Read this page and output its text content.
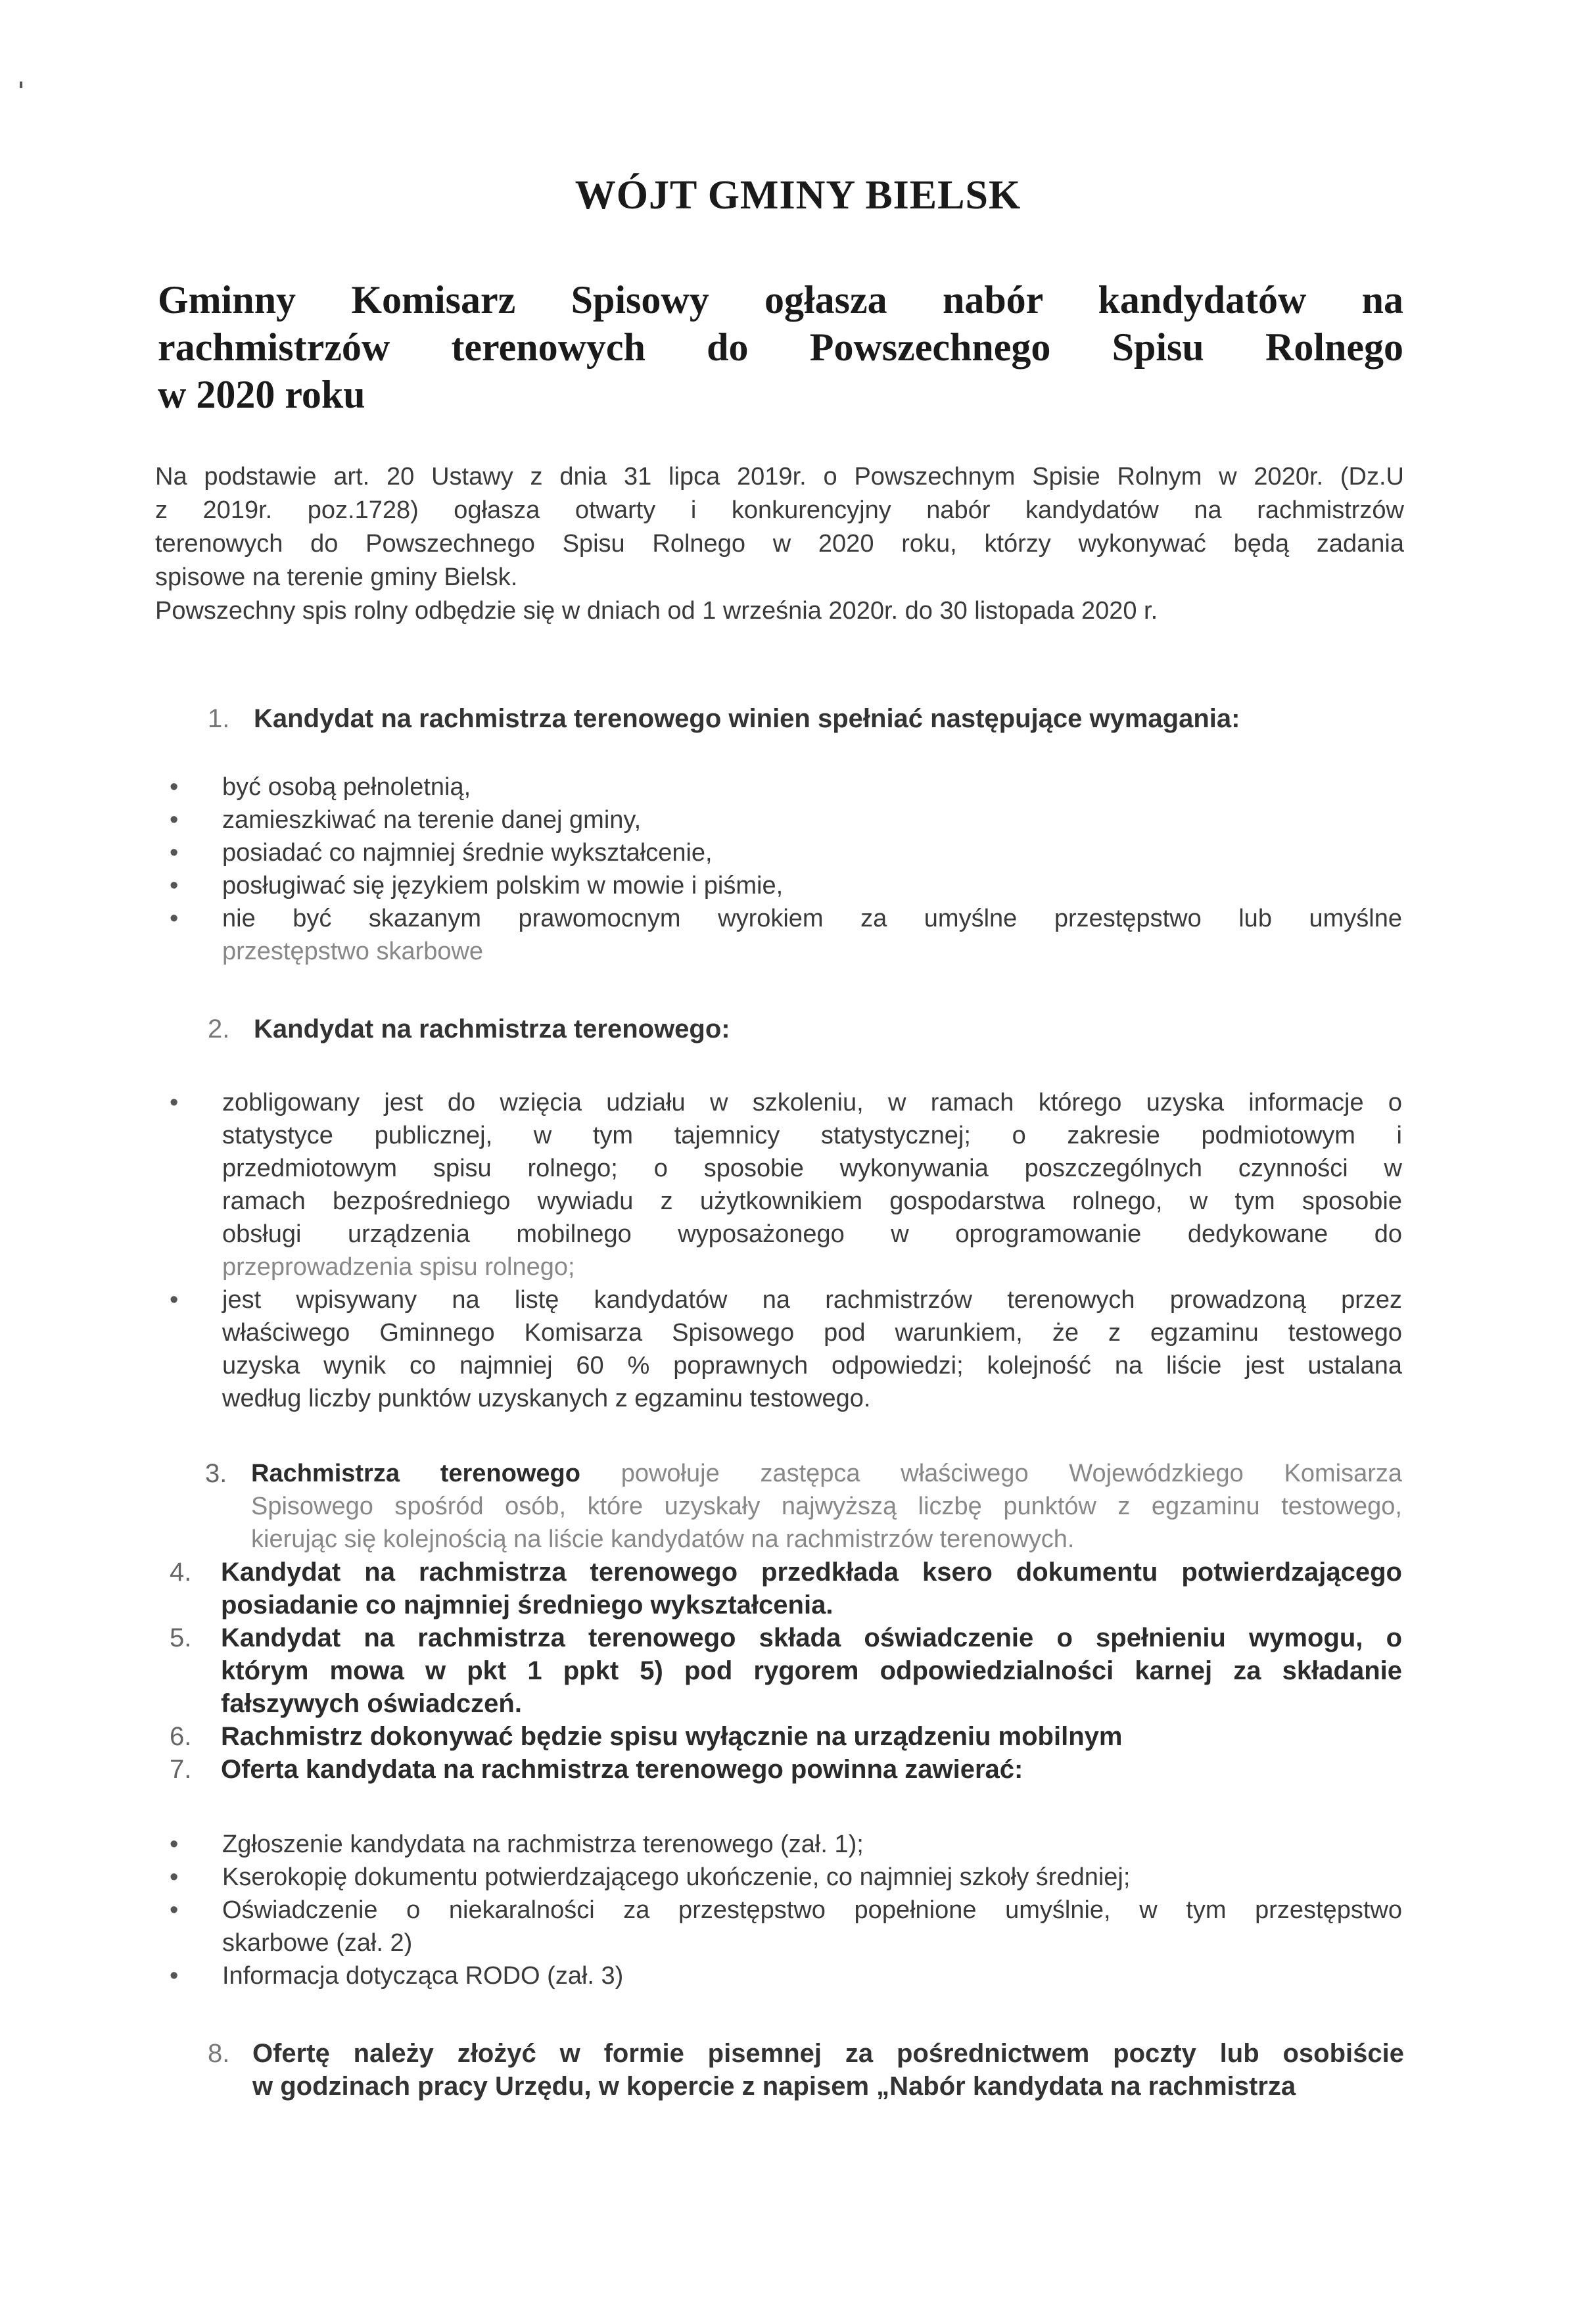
WÓJT GMINY BIELSK
Gminny Komisarz Spisowy ogłasza nabór kandydatów na
rachmistrzów terenowych do Powszechnego Spisu Rolnego
w 2020 roku
Na podstawie art. 20 Ustawy z dnia 31 lipca 2019r. o Powszechnym Spisie Rolnym w 2020r. (Dz.U
z 2019r. poz.1728) ogłasza otwarty i konkurencyjny nabór kandydatów na rachmistrzów
terenowych do Powszechnego Spisu Rolnego w 2020 roku, którzy wykonywać będą zadania
spisowe na terenie gminy Bielsk.
Powszechny spis rolny odbędzie się w dniach od 1 września 2020r. do 30 listopada 2020 r.
1. Kandydat na rachmistrza terenowego winien spełniać następujące wymagania:
• być osobą pełnoletnią,
• zamieszkiwać na terenie danej gminy,
• posiadać co najmniej średnie wykształcenie,
• posługiwać się językiem polskim w mowie i piśmie,
• nie być skazanym prawomocnym wyrokiem za umyślne przestępstwo lub umyślne
przestępstwo skarbowe
2. Kandydat na rachmistrza terenowego:
• zobligowany jest do wzięcia udziału w szkoleniu, w ramach którego uzyska informacje o
statystyce publicznej, w tym tajemnicy statystycznej; o zakresie podmiotowym i
przedmiotowym spisu rolnego; o sposobie wykonywania poszczególnych czynności w
ramach bezpośredniego wywiadu z użytkownikiem gospodarstwa rolnego, w tym sposobie
obsługi urządzenia mobilnego wyposażonego w oprogramowanie dedykowane do
przeprowadzenia spisu rolnego;
• jest wpisywany na listę kandydatów na rachmistrzów terenowych prowadzoną przez
właściwego Gminnego Komisarza Spisowego pod warunkiem, że z egzaminu testowego
uzyska wynik co najmniej 60 % poprawnych odpowiedzi; kolejność na liście jest ustalana
według liczby punktów uzyskanych z egzaminu testowego.
3. Rachmistrza terenowego powołuje zastępca właściwego Wojewódzkiego Komisarza
Spisowego spośród osób, które uzyskały najwyższą liczbę punktów z egzaminu testowego,
kierując się kolejnością na liście kandydatów na rachmistrzów terenowych.
4. Kandydat na rachmistrza terenowego przedkłada ksero dokumentu potwierdzającego
posiadanie co najmniej średniego wykształcenia.
5. Kandydat na rachmistrza terenowego składa oświadczenie o spełnieniu wymogu, o
którym mowa w pkt 1 ppkt 5) pod rygorem odpowiedzialności karnej za składanie
fałszywych oświadczeń.
6. Rachmistrz dokonywać będzie spisu wyłącznie na urządzeniu mobilnym
7. Oferta kandydata na rachmistrza terenowego powinna zawierać:
• Zgłoszenie kandydata na rachmistrza terenowego (zał. 1);
• Kserokopię dokumentu potwierdzającego ukończenie, co najmniej szkoły średniej;
• Oświadczenie o niekaralności za przestępstwo popełnione umyślnie, w tym przestępstwo
skarbowe (zał. 2)
• Informacja dotycząca RODO (zał. 3)
8. Ofertę należy złożyć w formie pisemnej za pośrednictwem poczty lub osobiście
w godzinach pracy Urzędu, w kopercie z napisem „Nabór kandydata na rachmistrza
